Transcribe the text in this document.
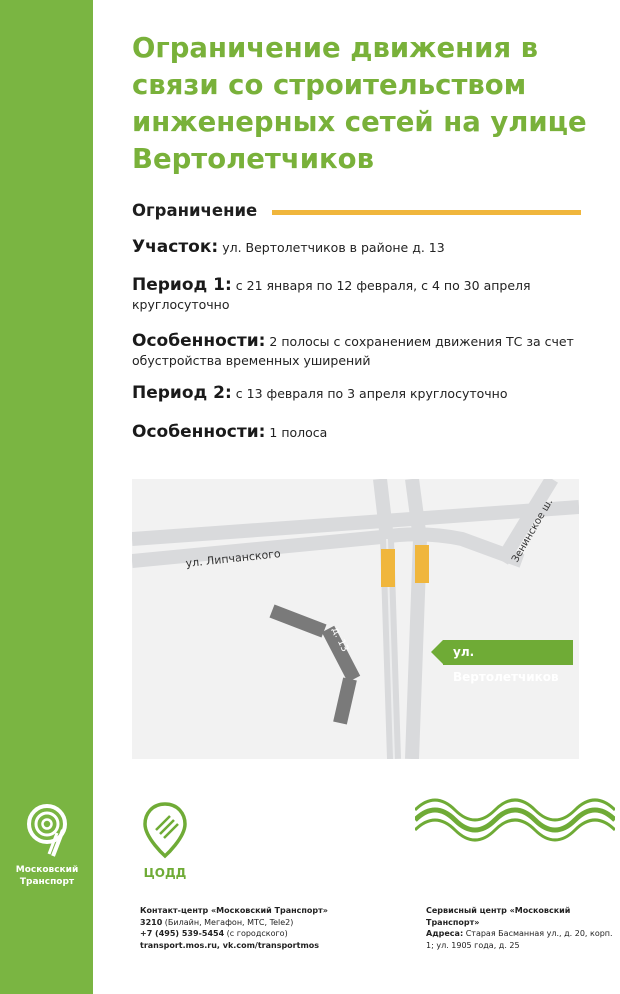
Московский Транспорт
Ограничение движения в связи со строительством инженерных сетей на улице Вертолетчиков
Ограничение

Участок: ул. Вертолетчиков в районе д. 13

Период 1: с 21 января по 12 февраля, с 4 по 30 апреля круглосуточно

Особенности: 2 полосы с сохранением движения ТС за счет обустройства временных уширений

Период 2: с 13 февраля по 3 апреля круглосуточно

Особенности: 1 полоса

ул. Липчанского	Зенинское ш.
д. 13	ул. Вертолетчиков
ЦОДД
Контакт-центр «Московский Транспорт»
3210 (Билайн, Мегафон, МТС, Tele2)
+7 (495) 539-5454 (с городского)
transport.mos.ru, vk.com/transportmos
Сервисный центр «Московский Транспорт»
Адреса: Старая Басманная ул., д. 20, корп. 1; ул. 1905 года, д. 25
